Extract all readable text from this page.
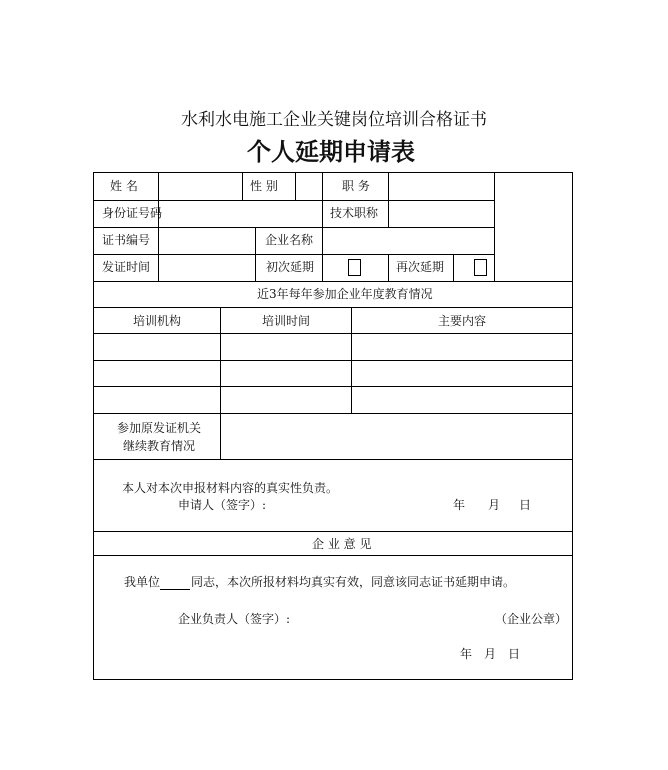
水利水电施工企业关键岗位培训合格证书
个人延期申请表
姓 名	性 别	职 务
身份证号码	技术职称
证书编号	企业名称
发证时间	初次延期	再次延期
近3年每年参加企业年度教育情况
培训机构	培训时间	主要内容
参加原发证机关
继续教育情况
本人对本次申报材料内容的真实性负责。
申请人（签字）:	年 月 日
企 业 意 见
我单位	同志，本次所报材料均真实有效，同意该同志证书延期申请。
企业负责人（签字）:	（企业公章）
年 月 日
